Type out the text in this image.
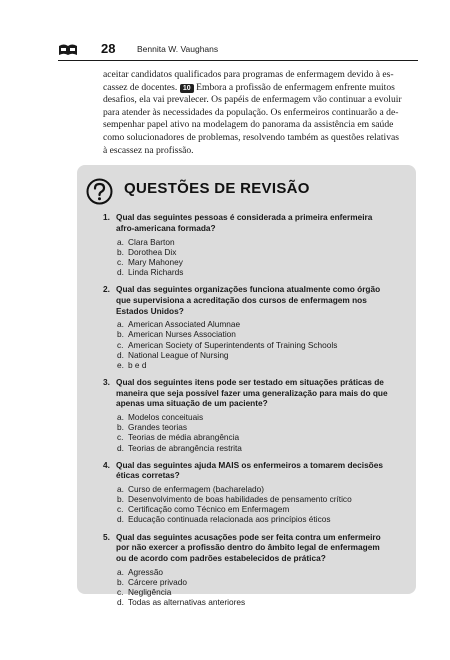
28	Bennita W. Vaughans
aceitar candidatos qualificados para programas de enfermagem devido à es-
cassez de docentes. 10 Embora a profissão de enfermagem enfrente muitos
desafios, ela vai prevalecer. Os papéis de enfermagem vão continuar a evoluir
para atender às necessidades da população. Os enfermeiros continuarão a de-
sempenhar papel ativo na modelagem do panorama da assistência em saúde
como solucionadores de problemas, resolvendo também as questões relativas
à escassez na profissão.
QUESTÕES DE REVISÃO
1. Qual das seguintes pessoas é considerada a primeira enfermeira
afro-americana formada?
a. Clara Barton
b. Dorothea Dix
c. Mary Mahoney
d. Linda Richards
2. Qual das seguintes organizações funciona atualmente como órgão
que supervisiona a acreditação dos cursos de enfermagem nos
Estados Unidos?
a. American Associated Alumnae
b. American Nurses Association
c. American Society of Superintendents of Training Schools
d. National League of Nursing
e. b e d
3. Qual dos seguintes itens pode ser testado em situações práticas de
maneira que seja possível fazer uma generalização para mais do que
apenas uma situação de um paciente?
a. Modelos conceituais
b. Grandes teorias
c. Teorias de média abrangência
d. Teorias de abrangência restrita
4. Qual das seguintes ajuda MAIS os enfermeiros a tomarem decisões
éticas corretas?
a. Curso de enfermagem (bacharelado)
b. Desenvolvimento de boas habilidades de pensamento crítico
c. Certificação como Técnico em Enfermagem
d. Educação continuada relacionada aos princípios éticos
5. Qual das seguintes acusações pode ser feita contra um enfermeiro
por não exercer a profissão dentro do âmbito legal de enfermagem
ou de acordo com padrões estabelecidos de prática?
a. Agressão
b. Cárcere privado
c. Negligência
d. Todas as alternativas anteriores
